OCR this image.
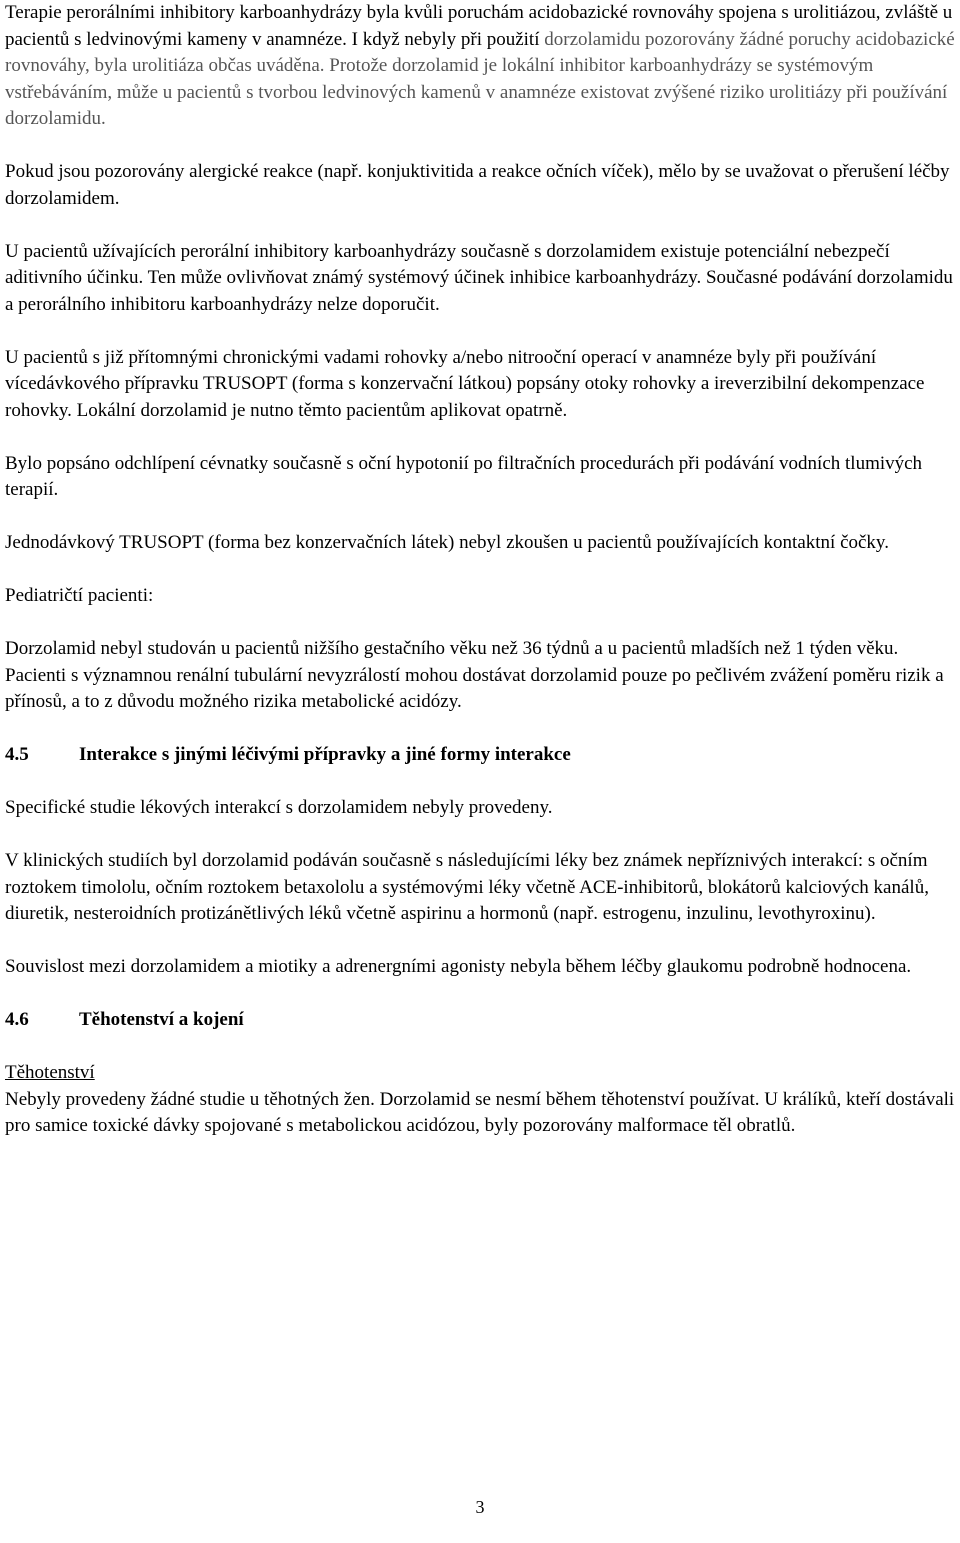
Terapie perorálními inhibitory karboanhydrázy byla kvůli poruchám acidobazické rovnováhy spojena s urolitiázou, zvláště u pacientů s ledvinovými kameny v anamnéze. I když nebyly při použití dorzolamidu pozorovány žádné poruchy acidobazické rovnováhy, byla urolitiáza občas uváděna. Protože dorzolamid je lokální inhibitor karboanhydrázy se systémovým vstřebáváním, může u pacientů s tvorbou ledvinových kamenů v anamnéze existovat zvýšené riziko urolitiázy při používání dorzolamidu.

Pokud jsou pozorovány alergické reakce (např. konjuktivitida a reakce očních víček), mělo by se uvažovat o přerušení léčby dorzolamidem.

U pacientů užívajících perorální inhibitory karboanhydrázy současně s dorzolamidem existuje potenciální nebezpečí aditivního účinku. Ten může ovlivňovat známý systémový účinek inhibice karboanhydrázy. Současné podávání dorzolamidu a perorálního inhibitoru karboanhydrázy nelze doporučit.

U pacientů s již přítomnými chronickými vadami rohovky a/nebo nitrooční operací v anamnéze byly při používání vícedávkového přípravku TRUSOPT (forma s konzervační látkou) popsány otoky rohovky a ireverzibilní dekompenzace rohovky. Lokální dorzolamid je nutno těmto pacientům aplikovat opatrně.

Bylo popsáno odchlípení cévnatky současně s oční hypotonií po filtračních procedurách při podávání vodních tlumivých terapií.

Jednodávkový TRUSOPT (forma bez konzervačních látek) nebyl zkoušen u pacientů používajících kontaktní čočky.

Pediatričtí pacienti:

Dorzolamid nebyl studován u pacientů nižšího gestačního věku než 36 týdnů a u pacientů mladších než 1 týden věku. Pacienti s významnou renální tubulární nevyzrálostí mohou dostávat dorzolamid pouze po pečlivém zvážení poměru rizik a přínosů, a to z důvodu možného rizika metabolické acidózy.

4.5	Interakce s jinými léčivými přípravky a jiné formy interakce

Specifické studie lékových interakcí s dorzolamidem nebyly provedeny.

V klinických studiích byl dorzolamid podáván současně s následujícími léky bez známek nepříznivých interakcí: s očním roztokem timololu, očním roztokem betaxololu a systémovými léky včetně ACE-inhibitorů, blokátorů kalciových kanálů, diuretik, nesteroidních protizánětlivých léků včetně aspirinu a hormonů (např. estrogenu, inzulinu, levothyroxinu).

Souvislost mezi dorzolamidem a miotiky a adrenergními agonisty nebyla během léčby glaukomu podrobně hodnocena.

4.6	Těhotenství a kojení

Těhotenství

Nebyly provedeny žádné studie u těhotných žen. Dorzolamid se nesmí během těhotenství používat. U králíků, kteří dostávali pro samice toxické dávky spojované s metabolickou acidózou, byly pozorovány malformace těl obratlů.

3
